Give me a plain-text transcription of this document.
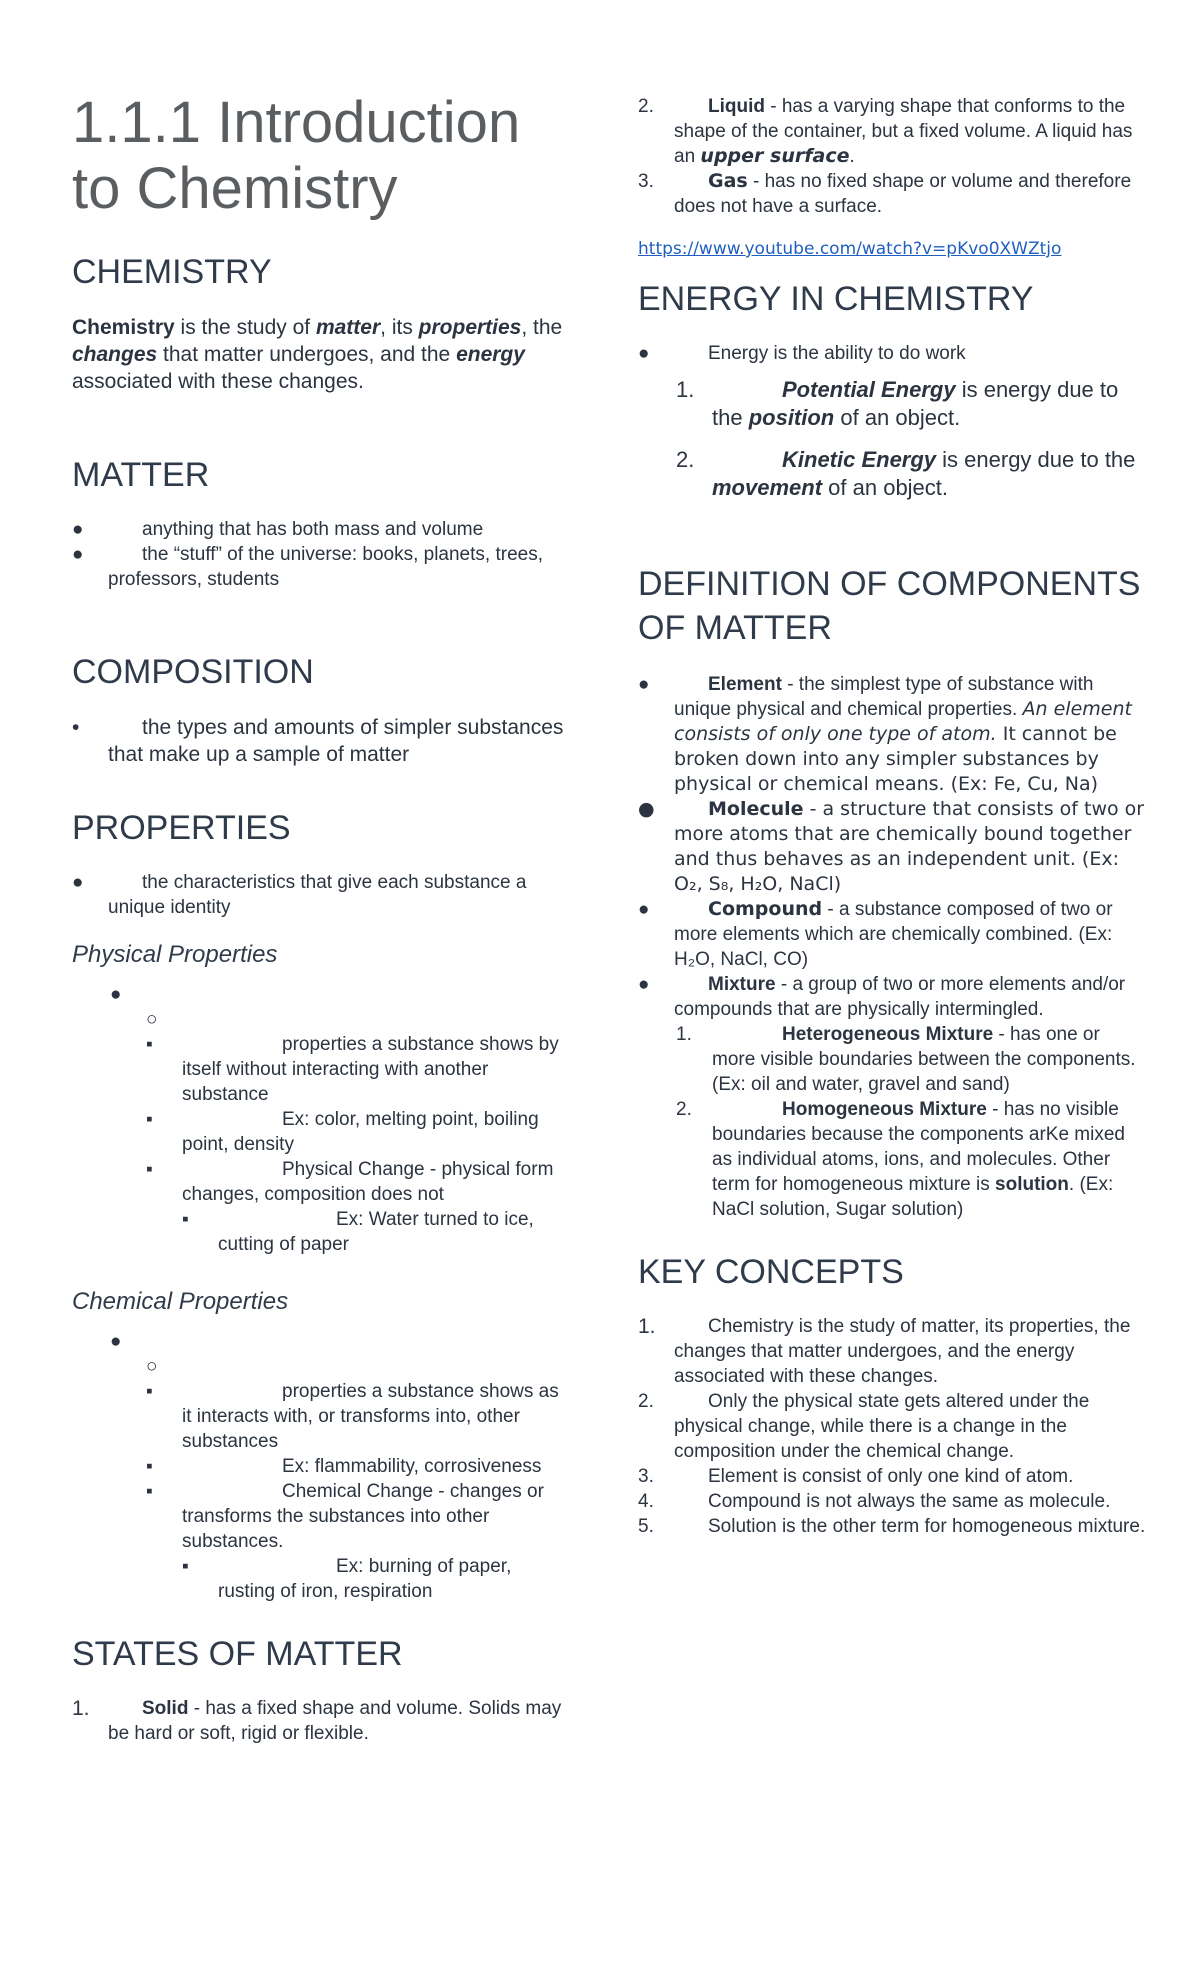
1.1.1 Introduction to Chemistry
CHEMISTRY

Chemistry is the study of matter, its properties, the changes that matter undergoes, and the energy associated with these changes.

MATTER
●	anything that has both mass and volume
●	the “stuff” of the universe: books, planets, trees, professors, students
COMPOSITION
•	the types and amounts of simpler substances that make up a sample of matter
PROPERTIES
●	the characteristics that give each substance a unique identity
Physical Properties
●

○

▪	properties a substance shows by itself without interacting with another substance
▪	Ex: color, melting point, boiling point, density
▪	Physical Change - physical form changes, composition does not
▪	Ex: Water turned to ice, cutting of paper
Chemical Properties
●

○

▪	properties a substance shows as it interacts with, or transforms into, other substances
▪	Ex: flammability, corrosiveness
▪	Chemical Change - changes or transforms the substances into other substances.
▪	Ex: burning of paper, rusting of iron, respiration
STATES OF MATTER
1.	Solid - has a fixed shape and volume. Solids may be hard or soft, rigid or flexible.
2.	Liquid - has a varying shape that conforms to the shape of the container, but a fixed volume. A liquid has an upper surface.
3.	Gas - has no fixed shape or volume and therefore does not have a surface.
https://www.youtube.com/watch?v=pKvo0XWZtjo
ENERGY IN CHEMISTRY
●	Energy is the ability to do work
1.	Potential Energy is energy due to the position of an object.
2.	Kinetic Energy is energy due to the movement of an object.
DEFINITION OF COMPONENTS OF MATTER
●	Element - the simplest type of substance with unique physical and chemical properties. An element consists of only one type of atom. It cannot be broken down into any simpler substances by physical or chemical means. (Ex: Fe, Cu, Na)
●	Molecule - a structure that consists of two or more atoms that are chemically bound together and thus behaves as an independent unit. (Ex: O₂, S₈, H₂O, NaCl)
●	Compound - a substance composed of two or more elements which are chemically combined. (Ex: H₂O, NaCl, CO)
●	Mixture - a group of two or more elements and/or compounds that are physically intermingled.
1.	Heterogeneous Mixture - has one or more visible boundaries between the components.(Ex: oil and water, gravel and sand)
2.	Homogeneous Mixture - has no visible boundaries because the components arKe mixed as individual atoms, ions, and molecules. Other term for homogeneous mixture is solution. (Ex: NaCl solution, Sugar solution)
KEY CONCEPTS
1.	Chemistry is the study of matter, its properties, the changes that matter undergoes, and the energy associated with these changes.
2.	Only the physical state gets altered under the physical change, while there is a change in the composition under the chemical change.
3.	Element is consist of only one kind of atom.
4.	Compound is not always the same as molecule.
5.	Solution is the other term for homogeneous mixture.
